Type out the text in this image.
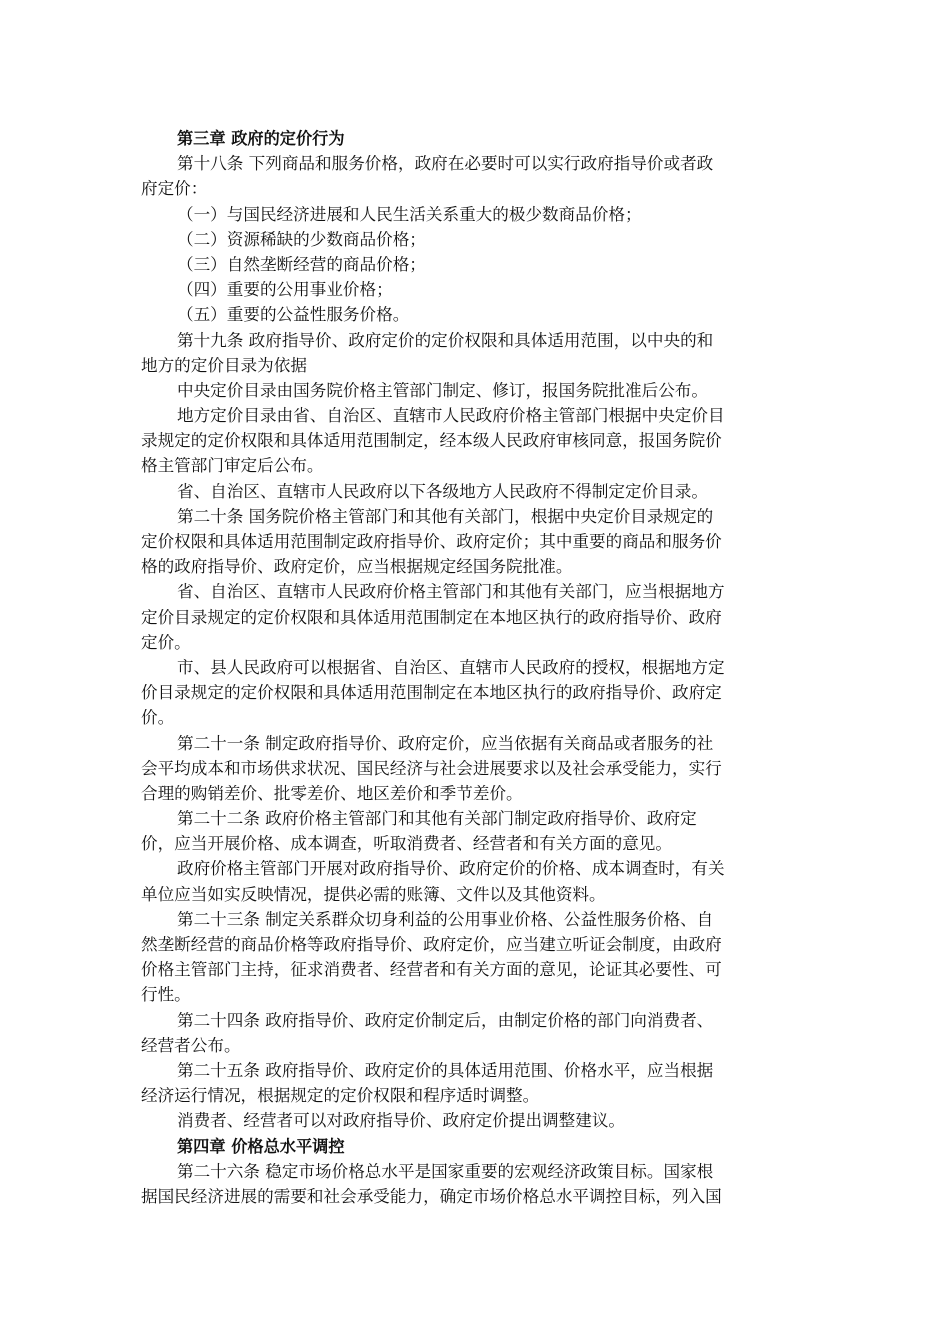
第三章 政府的定价行为
第十八条 下列商品和服务价格，政府在必要时可以实行政府指导价或者政
府定价：
（一）与国民经济进展和人民生活关系重大的极少数商品价格；
（二）资源稀缺的少数商品价格；
（三）自然垄断经营的商品价格；
（四）重要的公用事业价格；
（五）重要的公益性服务价格。
第十九条 政府指导价、政府定价的定价权限和具体适用范围，以中央的和
地方的定价目录为依据
中央定价目录由国务院价格主管部门制定、修订，报国务院批准后公布。
地方定价目录由省、自治区、直辖市人民政府价格主管部门根据中央定价目
录规定的定价权限和具体适用范围制定，经本级人民政府审核同意，报国务院价
格主管部门审定后公布。
省、自治区、直辖市人民政府以下各级地方人民政府不得制定定价目录。
第二十条 国务院价格主管部门和其他有关部门，根据中央定价目录规定的
定价权限和具体适用范围制定政府指导价、政府定价；其中重要的商品和服务价
格的政府指导价、政府定价，应当根据规定经国务院批准。
省、自治区、直辖市人民政府价格主管部门和其他有关部门，应当根据地方
定价目录规定的定价权限和具体适用范围制定在本地区执行的政府指导价、政府
定价。
市、县人民政府可以根据省、自治区、直辖市人民政府的授权，根据地方定
价目录规定的定价权限和具体适用范围制定在本地区执行的政府指导价、政府定
价。
第二十一条 制定政府指导价、政府定价，应当依据有关商品或者服务的社
会平均成本和市场供求状况、国民经济与社会进展要求以及社会承受能力，实行
合理的购销差价、批零差价、地区差价和季节差价。
第二十二条 政府价格主管部门和其他有关部门制定政府指导价、政府定
价，应当开展价格、成本调查，听取消费者、经营者和有关方面的意见。
政府价格主管部门开展对政府指导价、政府定价的价格、成本调查时，有关
单位应当如实反映情况，提供必需的账簿、文件以及其他资料。
第二十三条 制定关系群众切身利益的公用事业价格、公益性服务价格、自
然垄断经营的商品价格等政府指导价、政府定价，应当建立听证会制度，由政府
价格主管部门主持，征求消费者、经营者和有关方面的意见，论证其必要性、可
行性。
第二十四条 政府指导价、政府定价制定后，由制定价格的部门向消费者、
经营者公布。
第二十五条 政府指导价、政府定价的具体适用范围、价格水平，应当根据
经济运行情况，根据规定的定价权限和程序适时调整。
消费者、经营者可以对政府指导价、政府定价提出调整建议。
第四章 价格总水平调控
第二十六条 稳定市场价格总水平是国家重要的宏观经济政策目标。国家根
据国民经济进展的需要和社会承受能力，确定市场价格总水平调控目标，列入国
